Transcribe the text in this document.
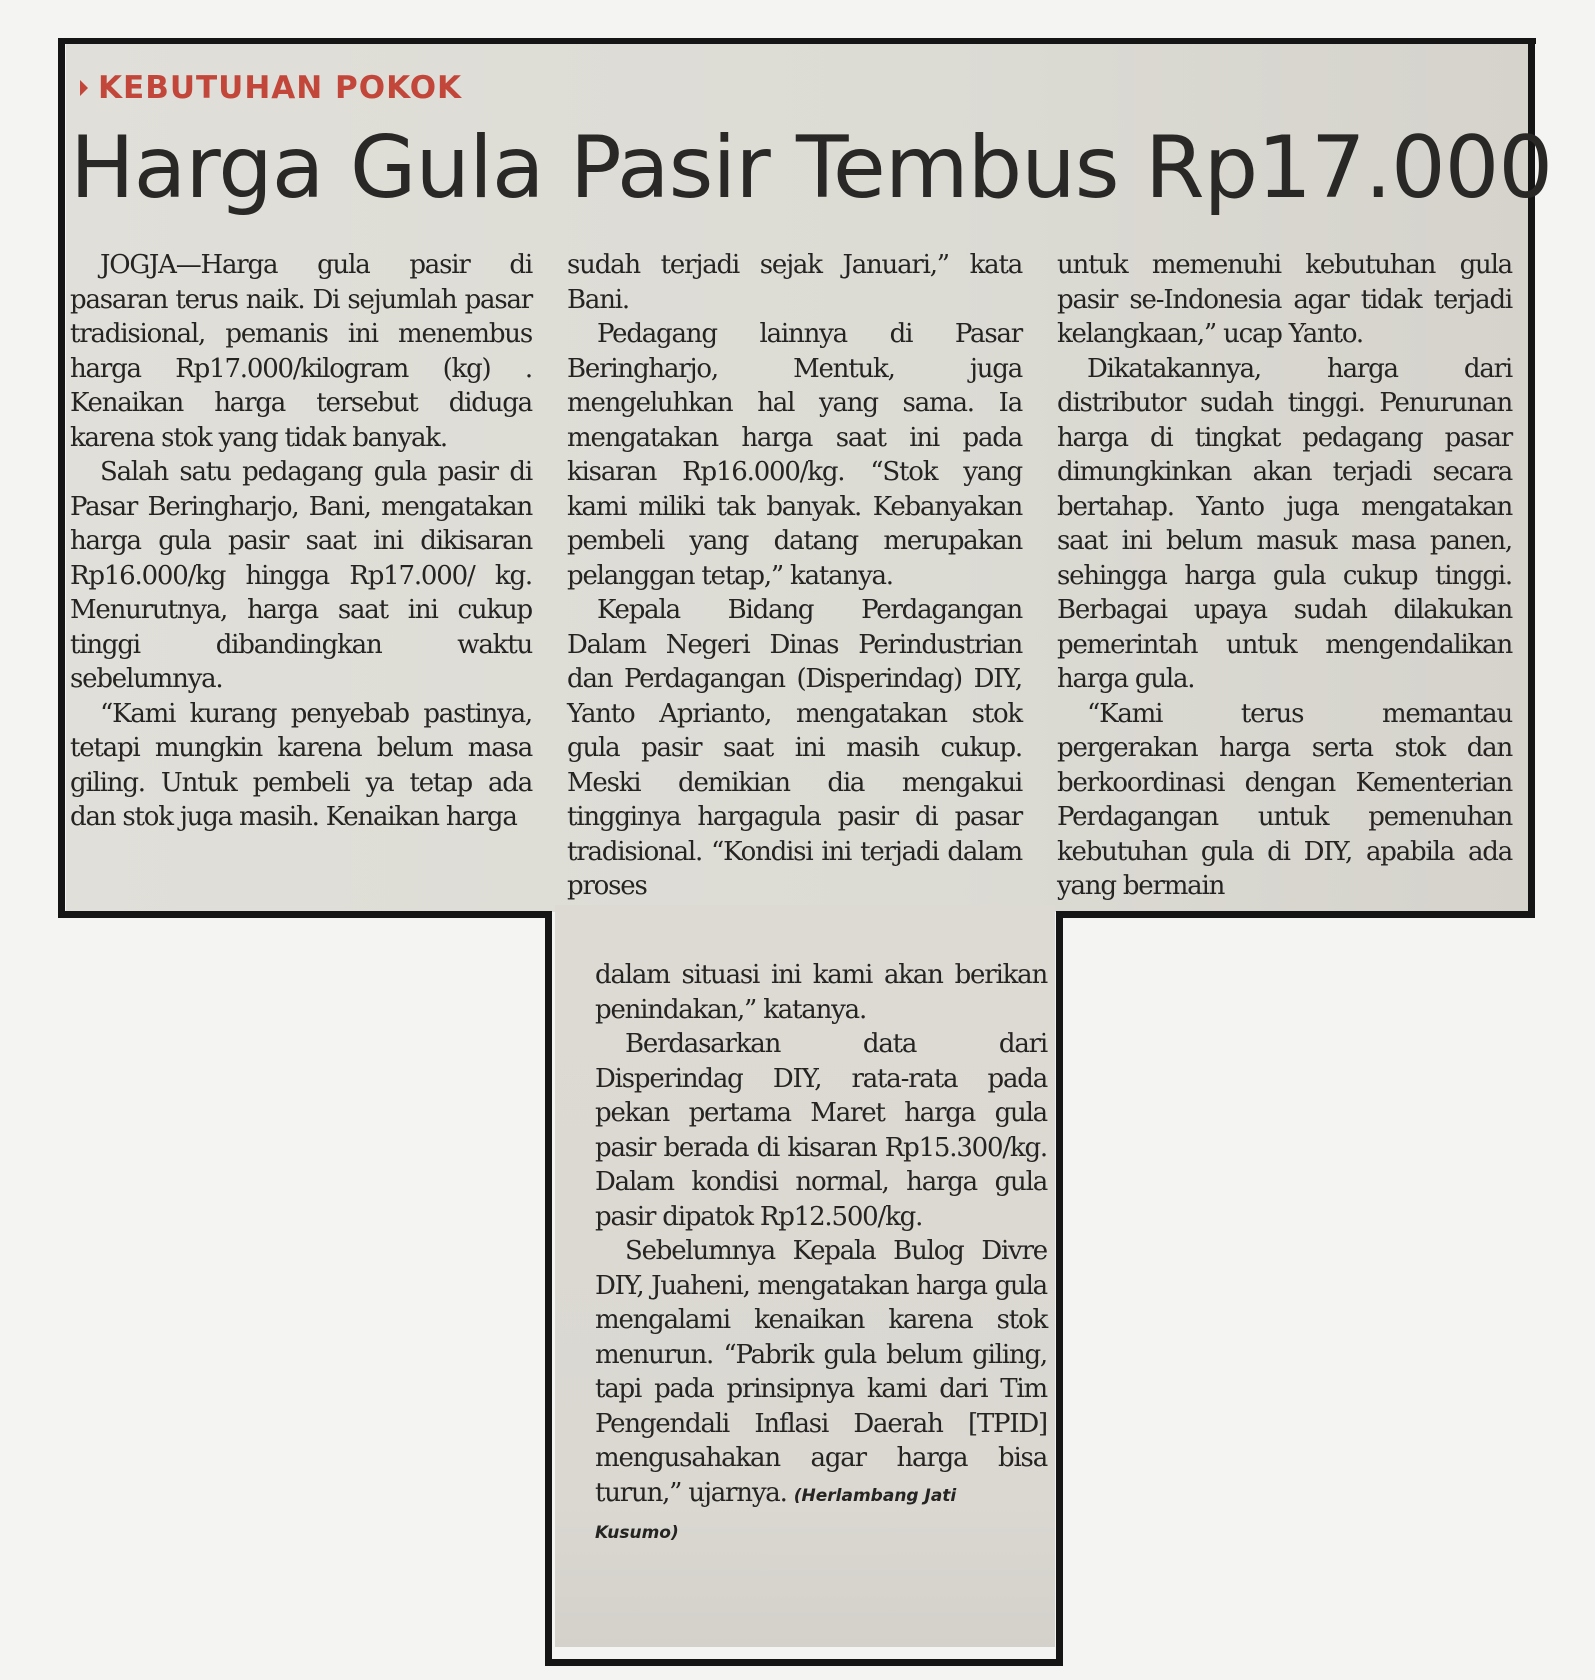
KEBUTUHAN POKOK
Harga Gula Pasir Tembus Rp17.000

JOGJA—Harga gula pasir di pasaran terus naik. Di sejumlah pasar tradisional, pemanis ini menembus harga Rp17.000/kilogram (kg) . Kenaikan harga tersebut diduga karena stok yang tidak banyak.

Salah satu pedagang gula pasir di Pasar Beringharjo, Bani, mengatakan harga gula pasir saat ini dikisaran Rp16.000/kg hingga Rp17.000/ kg. Menurutnya, harga saat ini cukup tinggi dibandingkan waktu sebelumnya.

“Kami kurang penyebab pastinya, tetapi mungkin karena belum masa giling. Untuk pembeli ya tetap ada dan stok juga masih. Kenaikan harga

sudah terjadi sejak Januari,” kata Bani.

Pedagang lainnya di Pasar Beringharjo, Mentuk, juga mengeluhkan hal yang sama. Ia mengatakan harga saat ini pada kisaran Rp16.000/kg. “Stok yang kami miliki tak banyak. Kebanyakan pembeli yang datang merupakan pelanggan tetap,” katanya.

Kepala Bidang Perdagangan Dalam Negeri Dinas Perindustrian dan Perdagangan (Disperindag) DIY, Yanto Aprianto, mengatakan stok gula pasir saat ini masih cukup. Meski demikian dia mengakui tingginya hargagula pasir di pasar tradisional. “Kondisi ini terjadi dalam proses

untuk memenuhi kebutuhan gula pasir se-Indonesia agar tidak terjadi kelangkaan,” ucap Yanto.

Dikatakannya, harga dari distributor sudah tinggi. Penurunan harga di tingkat pedagang pasar dimungkinkan akan terjadi secara bertahap. Yanto juga mengatakan saat ini belum masuk masa panen, sehingga harga gula cukup tinggi. Berbagai upaya sudah dilakukan pemerintah untuk mengendalikan harga gula.

“Kami terus memantau pergerakan harga serta stok dan berkoordinasi dengan Kementerian Perdagangan untuk pemenuhan kebutuhan gula di DIY, apabila ada yang bermain

dalam situasi ini kami akan berikan penindakan,” katanya.

Berdasarkan data dari Disperindag DIY, rata-rata pada pekan pertama Maret harga gula pasir berada di kisaran Rp15.300/kg. Dalam kondisi normal, harga gula pasir dipatok Rp12.500/kg.

Sebelumnya Kepala Bulog Divre DIY, Juaheni, mengatakan harga gula mengalami kenaikan karena stok menurun. “Pabrik gula belum giling, tapi pada prinsipnya kami dari Tim Pengendali Inflasi Daerah [TPID] mengusahakan agar harga bisa turun,” ujarnya. (Herlambang Jati

Kusumo)
